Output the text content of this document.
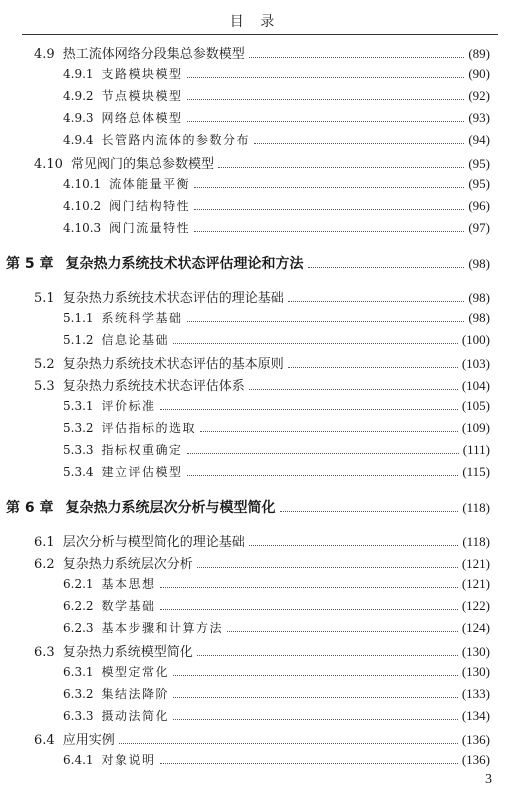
目 录
4.9 热工流体网络分段集总参数模型	(89)
4.9.1 支路模块模型	(90)
4.9.2 节点模块模型	(92)
4.9.3 网络总体模型	(93)
4.9.4 长管路内流体的参数分布	(94)
4.10 常见阀门的集总参数模型	(95)
4.10.1 流体能量平衡	(95)
4.10.2 阀门结构特性	(96)
4.10.3 阀门流量特性	(97)
第 5 章 复杂热力系统技术状态评估理论和方法	(98)
5.1 复杂热力系统技术状态评估的理论基础	(98)
5.1.1 系统科学基础	(98)
5.1.2 信息论基础	(100)
5.2 复杂热力系统技术状态评估的基本原则	(103)
5.3 复杂热力系统技术状态评估体系	(104)
5.3.1 评价标准	(105)
5.3.2 评估指标的选取	(109)
5.3.3 指标权重确定	(111)
5.3.4 建立评估模型	(115)
第 6 章 复杂热力系统层次分析与模型简化	(118)
6.1 层次分析与模型简化的理论基础	(118)
6.2 复杂热力系统层次分析	(121)
6.2.1 基本思想	(121)
6.2.2 数学基础	(122)
6.2.3 基本步骤和计算方法	(124)
6.3 复杂热力系统模型简化	(130)
6.3.1 模型定常化	(130)
6.3.2 集结法降阶	(133)
6.3.3 摄动法简化	(134)
6.4 应用实例	(136)
6.4.1 对象说明	(136)
3
